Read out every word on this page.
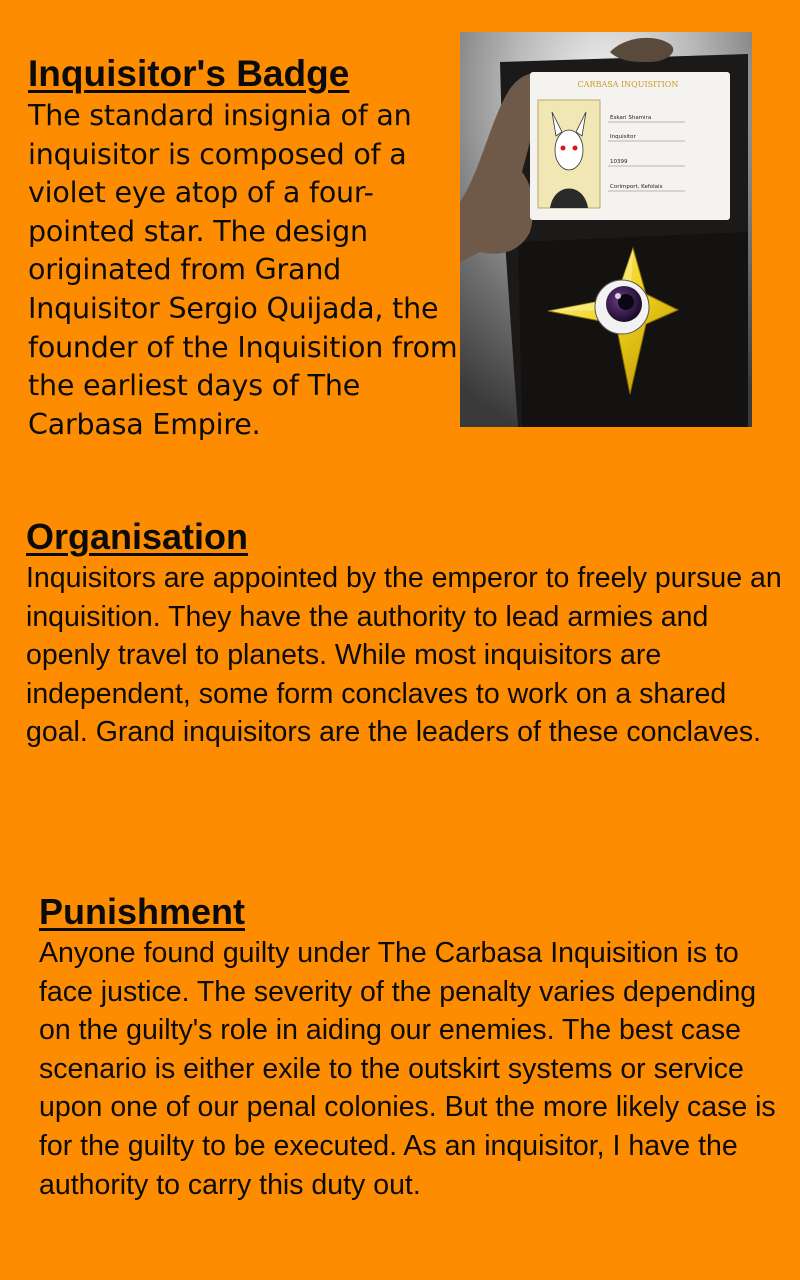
Inquisitor's Badge

The standard insignia of an inquisitor is composed of a violet eye atop of a four-pointed star. The design originated from Grand Inquisitor Sergio Quijada, the founder of the Inquisition from the earliest days of The Carbasa Empire.

CARBASA INQUISITION
Eskari Shamira
Inquisitor
10399
Corimport, Kefolais
Organisation

Inquisitors are appointed by the emperor to freely pursue an inquisition. They have the authority to lead armies and openly travel to planets. While most inquisitors are independent, some form conclaves to work on a shared goal. Grand inquisitors are the leaders of these conclaves.

Punishment

Anyone found guilty under The Carbasa Inquisition is to face justice. The severity of the penalty varies depending on the guilty's role in aiding our enemies. The best case scenario is either exile to the outskirt systems or service upon one of our penal colonies. But the more likely case is for the guilty to be executed. As an inquisitor, I have the authority to carry this duty out.
